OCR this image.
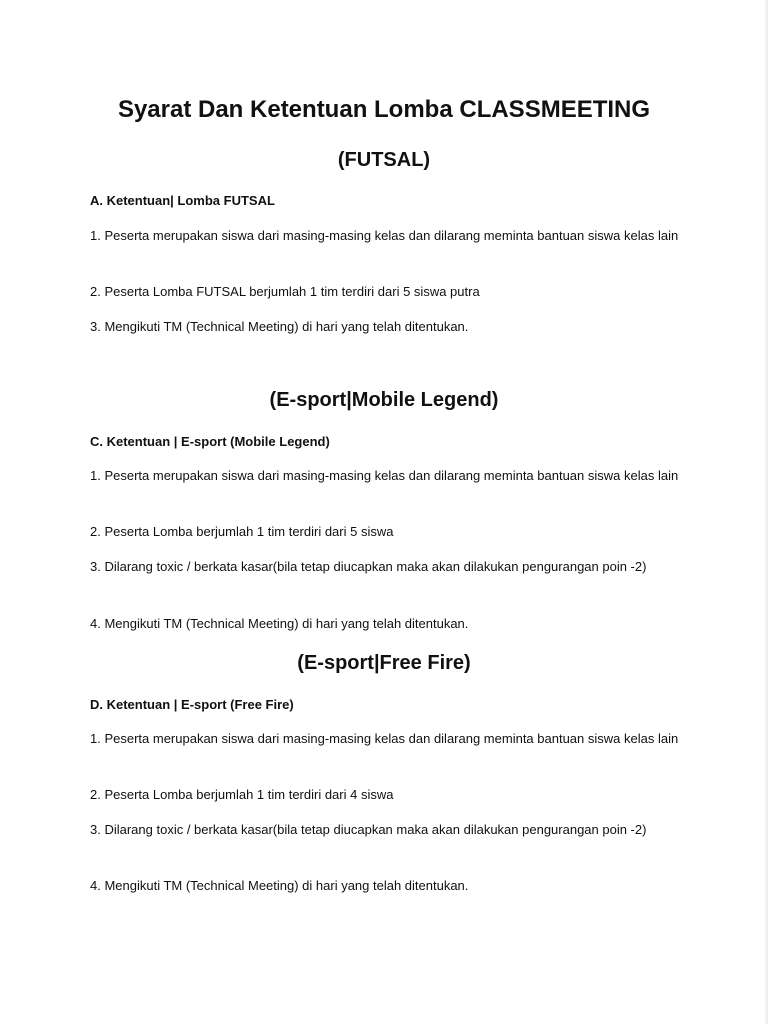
Syarat Dan Ketentuan Lomba CLASSMEETING
(FUTSAL)

A. Ketentuan| Lomba FUTSAL

1. Peserta merupakan siswa dari masing-masing kelas dan dilarang meminta bantuan siswa kelas lain

2. Peserta Lomba FUTSAL berjumlah 1 tim terdiri dari 5 siswa putra

3. Mengikuti TM (Technical Meeting) di hari yang telah ditentukan.

(E-sport|Mobile Legend)

C. Ketentuan | E-sport (Mobile Legend)

1. Peserta merupakan siswa dari masing-masing kelas dan dilarang meminta bantuan siswa kelas lain

2. Peserta Lomba berjumlah 1 tim terdiri dari 5 siswa

3. Dilarang toxic / berkata kasar(bila tetap diucapkan maka akan dilakukan pengurangan poin -2)

4. Mengikuti TM (Technical Meeting) di hari yang telah ditentukan.

(E-sport|Free Fire)

D. Ketentuan | E-sport (Free Fire)

1. Peserta merupakan siswa dari masing-masing kelas dan dilarang meminta bantuan siswa kelas lain

2. Peserta Lomba berjumlah 1 tim terdiri dari 4 siswa

3. Dilarang toxic / berkata kasar(bila tetap diucapkan maka akan dilakukan pengurangan poin -2)

4. Mengikuti TM (Technical Meeting) di hari yang telah ditentukan.
